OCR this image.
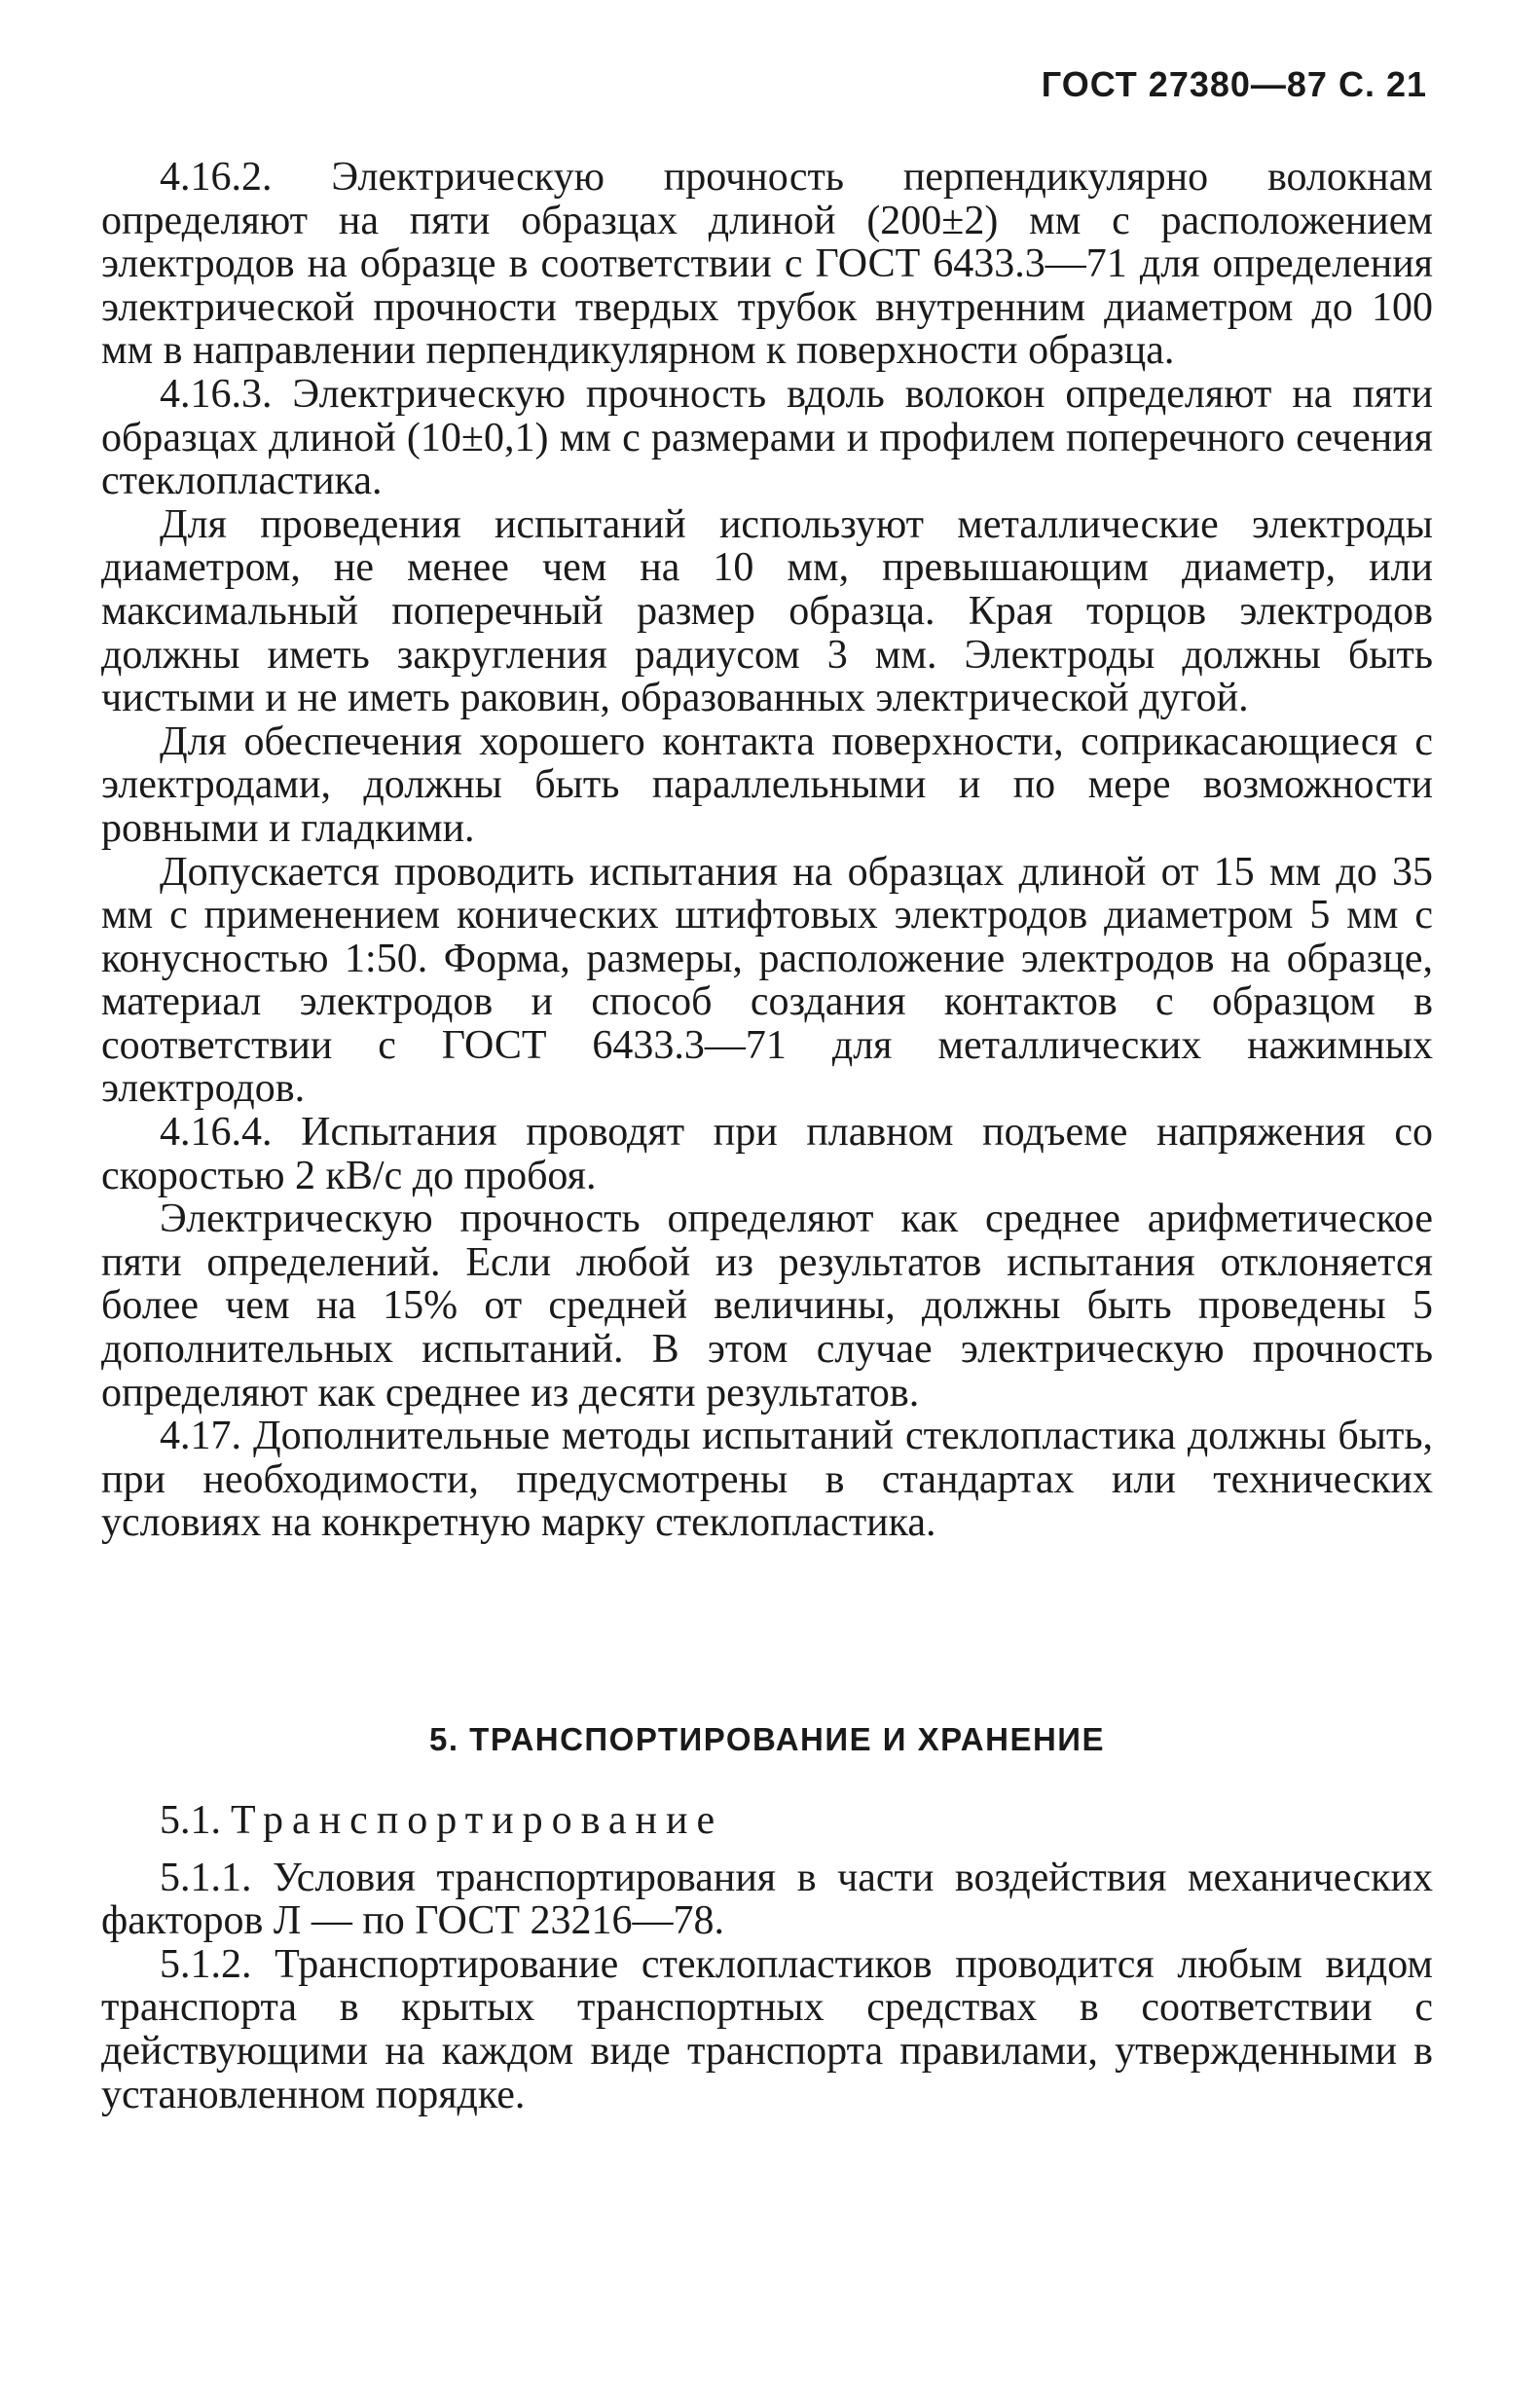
ГОСТ 27380—87 С. 21

4.16.2. Электрическую прочность перпендикулярно волокнам определяют на пяти образцах длиной (200±2) мм с расположением электродов на образце в соответствии с ГОСТ 6433.3—71 для определения электрической прочности твердых трубок внутренним диаметром до 100 мм в направлении перпендикулярном к поверхности образца.

4.16.3. Электрическую прочность вдоль волокон определяют на пяти образцах длиной (10±0,1) мм с размерами и профилем поперечного сечения стеклопластика.

Для проведения испытаний используют металлические электроды диаметром, не менее чем на 10 мм, превышающим диаметр, или максимальный поперечный размер образца. Края торцов электродов должны иметь закругления радиусом 3 мм. Электроды должны быть чистыми и не иметь раковин, образованных электрической дугой.

Для обеспечения хорошего контакта поверхности, соприкасающиеся с электродами, должны быть параллельными и по мере возможности ровными и гладкими.

Допускается проводить испытания на образцах длиной от 15 мм до 35 мм с применением конических штифтовых электродов диаметром 5 мм с конусностью 1:50. Форма, размеры, расположение электродов на образце, материал электродов и способ создания контактов с образцом в соответствии с ГОСТ 6433.3—71 для металлических нажимных электродов.

4.16.4. Испытания проводят при плавном подъеме напряжения со скоростью 2 кВ/с до пробоя.

Электрическую прочность определяют как среднее арифметическое пяти определений. Если любой из результатов испытания отклоняется более чем на 15% от средней величины, должны быть проведены 5 дополнительных испытаний. В этом случае электрическую прочность определяют как среднее из десяти результатов.

4.17. Дополнительные методы испытаний стеклопластика должны быть, при необходимости, предусмотрены в стандартах или технических условиях на конкретную марку стеклопластика.

5. ТРАНСПОРТИРОВАНИЕ И ХРАНЕНИЕ
5.1. Транспортирование

5.1.1. Условия транспортирования в части воздействия механических факторов Л — по ГОСТ 23216—78.

5.1.2. Транспортирование стеклопластиков проводится любым видом транспорта в крытых транспортных средствах в соответствии с действующими на каждом виде транспорта правилами, утвержденными в установленном порядке.
